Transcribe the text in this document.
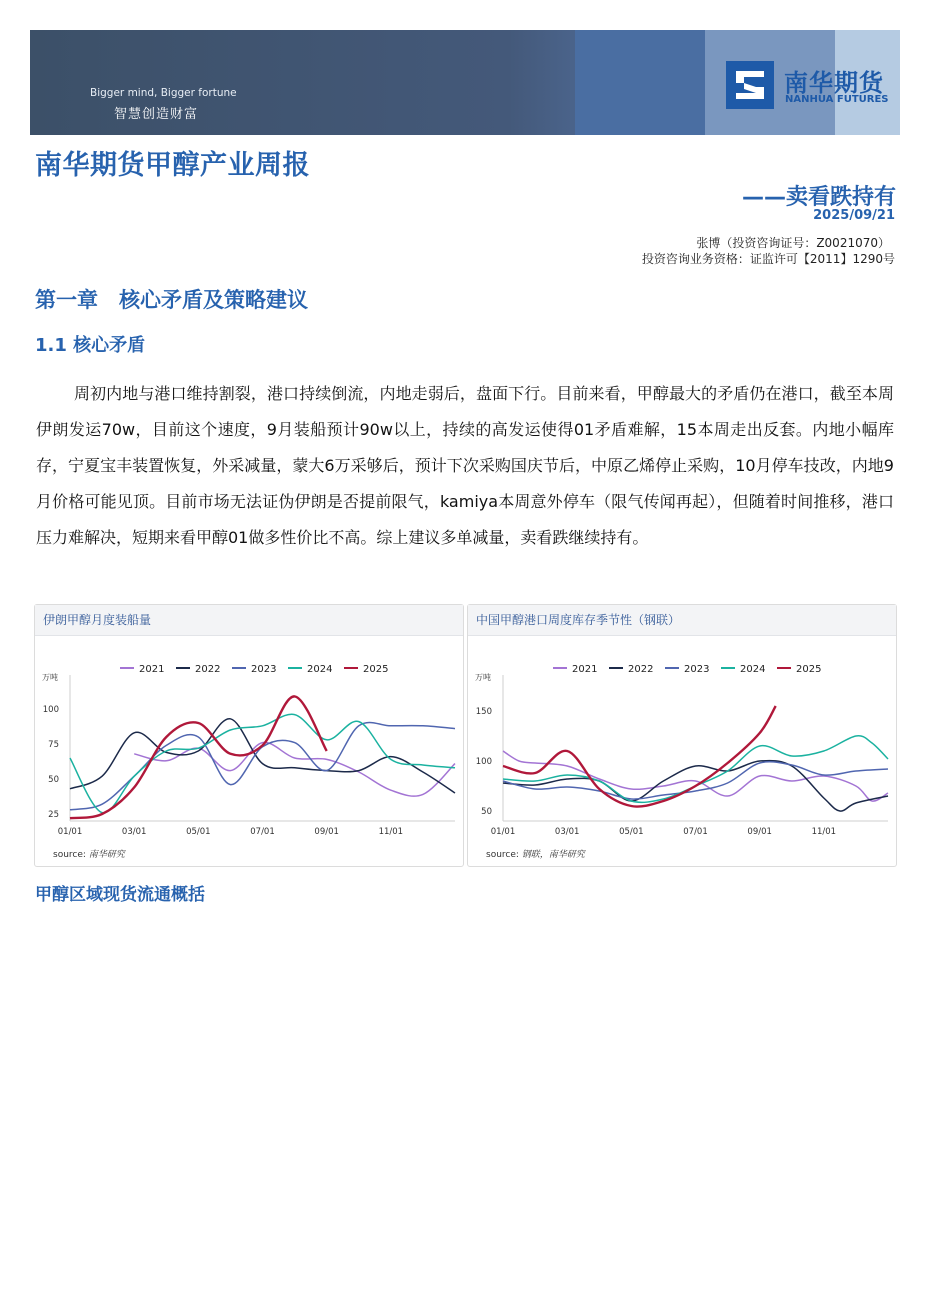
Bigger mind, Bigger fortune
智慧创造财富
南华期货
NANHUA FUTURES
南华期货甲醇产业周报
——卖看跌持有
2025/09/21
张博（投资咨询证号：Z0021070）
投资咨询业务资格：证监许可【2011】1290号
第一章　核心矛盾及策略建议
1.1 核心矛盾
周初内地与港口维持割裂，港口持续倒流，内地走弱后，盘面下行。目前来看，甲醇最大的矛盾仍在港口，截至本周伊朗发运70w，目前这个速度，9月装船预计90w以上，持续的高发运使得01矛盾难解，15本周走出反套。内地小幅库存，宁夏宝丰装置恢复，外采减量，蒙大6万采够后，预计下次采购国庆节后，中原乙烯停止采购，10月停车技改，内地9月价格可能见顶。目前市场无法证伪伊朗是否提前限气，kamiya本周意外停车（限气传闻再起），但随着时间推移，港口压力难解决，短期来看甲醇01做多性价比不高。综上建议多单减量，卖看跌继续持有。
伊朗甲醇月度装船量
2021	2022	2023	2024	2025
万吨
25
50
75
100
01/01	03/01	05/01	07/01	09/01	11/01
source: 南华研究
中国甲醇港口周度库存季节性（钢联）
2021	2022	2023	2024	2025
万吨
50
100
150
01/01	03/01	05/01	07/01	09/01	11/01
source: 钢联，南华研究
甲醇区域现货流通概括
